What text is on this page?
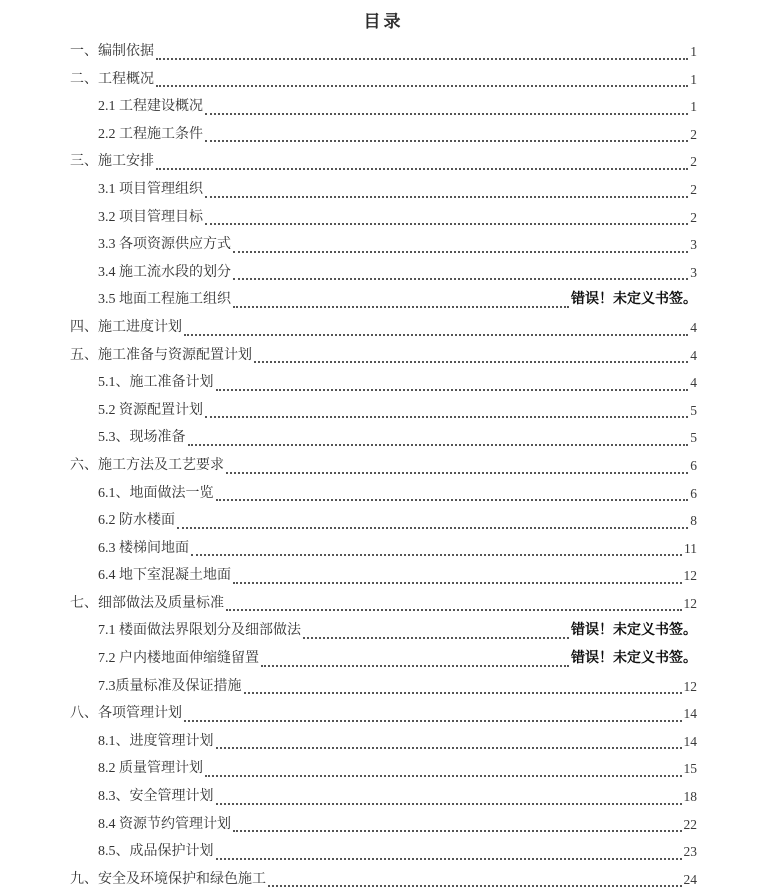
目录
一、编制依据	1
二、工程概况	1
2.1 工程建设概况	1
2.2 工程施工条件	2
三、施工安排	2
3.1 项目管理组织	2
3.2 项目管理目标	2
3.3 各项资源供应方式	3
3.4 施工流水段的划分	3
3.5 地面工程施工组织	错误！未定义书签。
四、施工进度计划	4
五、施工准备与资源配置计划	4
5.1、施工准备计划	4
5.2 资源配置计划	5
5.3、现场准备	5
六、施工方法及工艺要求	6
6.1、地面做法一览	6
6.2 防水楼面	8
6.3 楼梯间地面	11
6.4 地下室混凝土地面	12
七、细部做法及质量标准	12
7.1 楼面做法界限划分及细部做法	错误！未定义书签。
7.2 户内楼地面伸缩缝留置	错误！未定义书签。
7.3质量标准及保证措施	12
八、各项管理计划	14
8.1、进度管理计划	14
8.2 质量管理计划	15
8.3、安全管理计划	18
8.4 资源节约管理计划	22
8.5、成品保护计划	23
九、安全及环境保护和绿色施工	24
